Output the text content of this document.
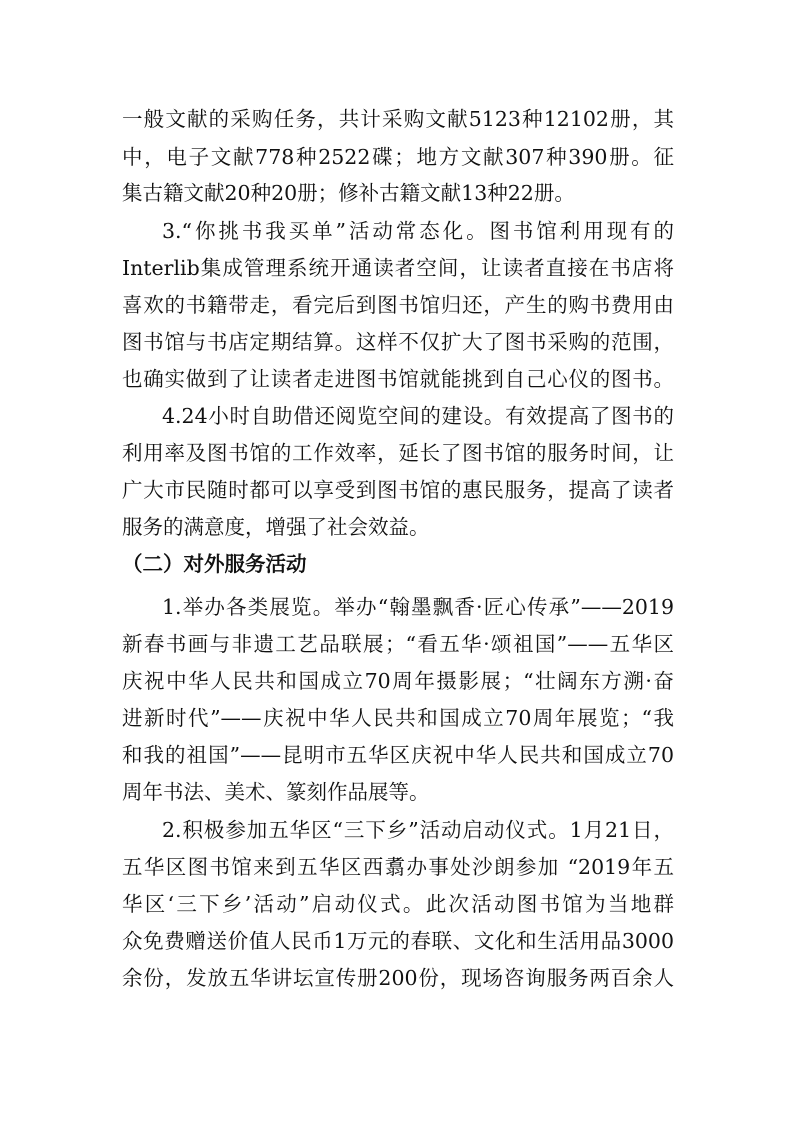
一般文献的采购任务，共计采购文献5123种12102册，其
中，电子文献778种2522碟；地方文献307种390册。征
集古籍文献20种20册；修补古籍文献13种22册。
3.“你挑书我买单”活动常态化。图书馆利用现有的
Interlib集成管理系统开通读者空间，让读者直接在书店将
喜欢的书籍带走，看完后到图书馆归还，产生的购书费用由
图书馆与书店定期结算。这样不仅扩大了图书采购的范围，
也确实做到了让读者走进图书馆就能挑到自己心仪的图书。
4.24小时自助借还阅览空间的建设。有效提高了图书的
利用率及图书馆的工作效率，延长了图书馆的服务时间，让
广大市民随时都可以享受到图书馆的惠民服务，提高了读者
服务的满意度，增强了社会效益。
（二）对外服务活动
1.举办各类展览。举办“翰墨飘香·匠心传承”——2019
新春书画与非遗工艺品联展；“看五华·颂祖国”——五华区
庆祝中华人民共和国成立70周年摄影展；“壮阔东方溯·奋
进新时代”——庆祝中华人民共和国成立70周年展览；“我
和我的祖国”——昆明市五华区庆祝中华人民共和国成立70
周年书法、美术、篆刻作品展等。
2.积极参加五华区“三下乡”活动启动仪式。1月21日，
五华区图书馆来到五华区西翥办事处沙朗参加 “2019年五
华区‘三下乡’活动”启动仪式。此次活动图书馆为当地群
众免费赠送价值人民币1万元的春联、文化和生活用品3000
余份，发放五华讲坛宣传册200份，现场咨询服务两百余人
